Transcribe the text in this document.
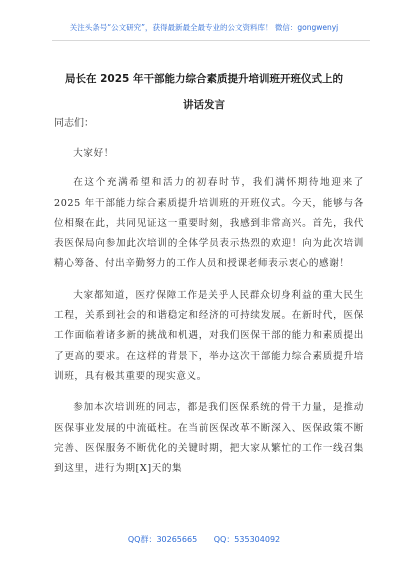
关注头条号“公文研究”，获得最新最全最专业的公文资料库！ 微信：gongwenyj
局长在 2025 年干部能力综合素质提升培训班开班仪式上的
讲话发言
同志们：

大家好！

在这个充满希望和活力的初春时节，我们满怀期待地迎来了 2025 年干部能力综合素质提升培训班的开班仪式。今天，能够与各位相聚在此，共同见证这一重要时刻，我感到非常高兴。首先，我代表医保局向参加此次培训的全体学员表示热烈的欢迎！向为此次培训精心筹备、付出辛勤努力的工作人员和授课老师表示衷心的感谢！

大家都知道，医疗保障工作是关乎人民群众切身利益的重大民生工程，关系到社会的和谐稳定和经济的可持续发展。在新时代，医保工作面临着诸多新的挑战和机遇，对我们医保干部的能力和素质提出了更高的要求。在这样的背景下，举办这次干部能力综合素质提升培训班，具有极其重要的现实意义。

参加本次培训班的同志，都是我们医保系统的骨干力量，是推动医保事业发展的中流砥柱。在当前医保改革不断深入、医保政策不断完善、医保服务不断优化的关键时期，把大家从繁忙的工作一线召集到这里，进行为期[X]天的集

QQ群：30265665 QQ：535304092
